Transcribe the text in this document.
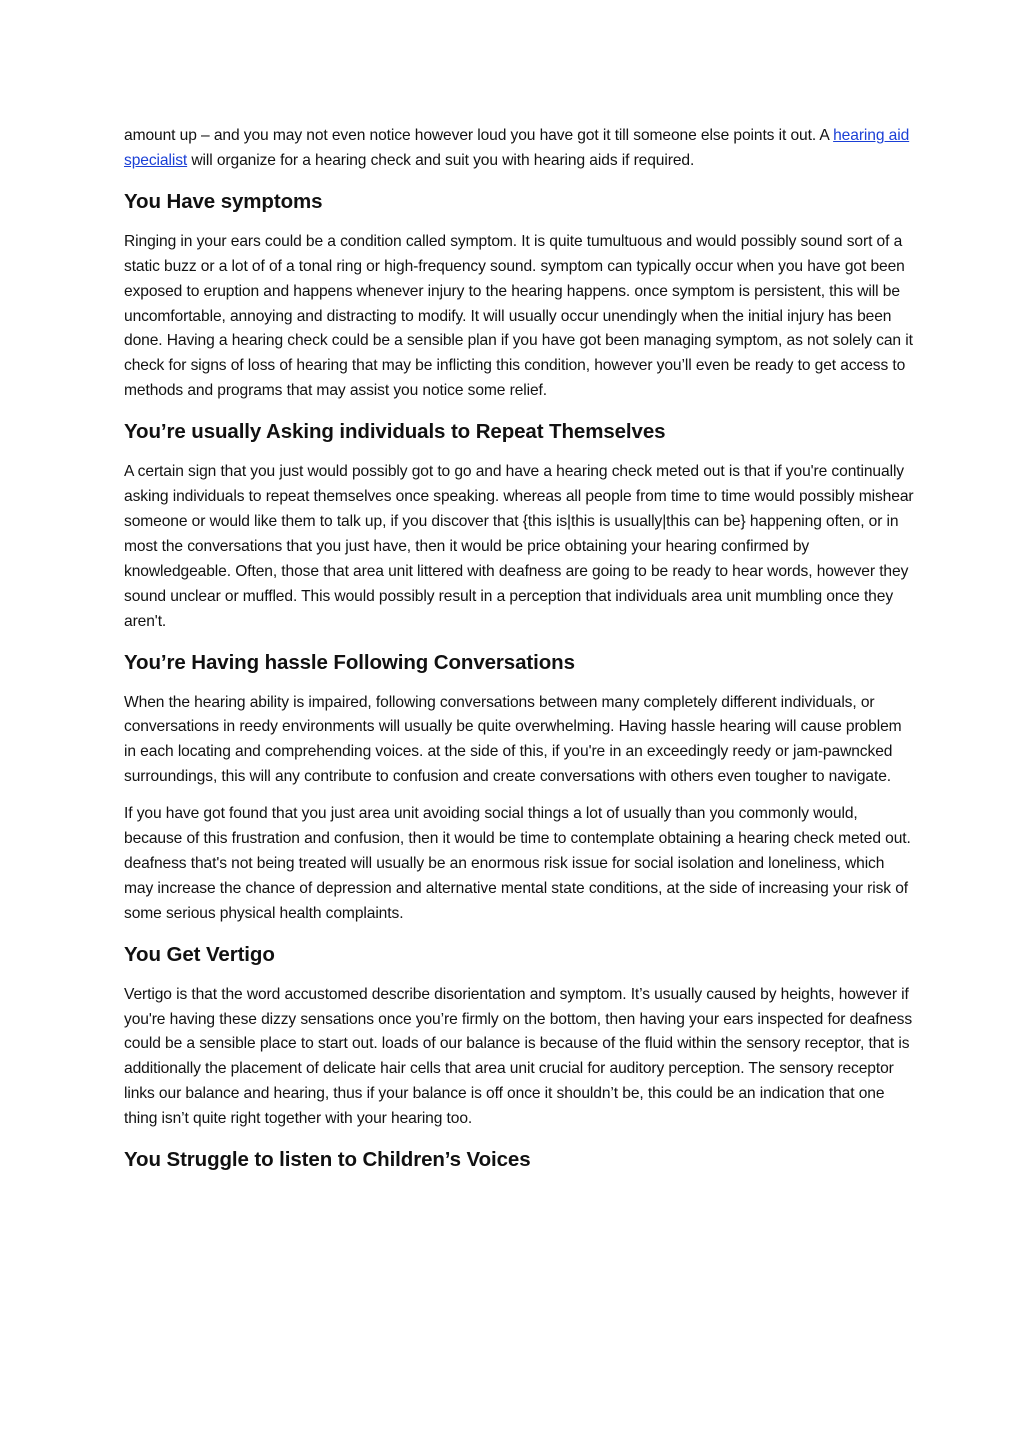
amount up – and you may not even notice however loud you have got it till someone else points it out. A hearing aid specialist will organize for a hearing check and suit you with hearing aids if required.

You Have symptoms

Ringing in your ears could be a condition called symptom. It is quite tumultuous and would possibly sound sort of a static buzz or a lot of of a tonal ring or high-frequency sound. symptom can typically occur when you have got been exposed to eruption and happens whenever injury to the hearing happens. once symptom is persistent, this will be uncomfortable, annoying and distracting to modify. It will usually occur unendingly when the initial injury has been done. Having a hearing check could be a sensible plan if you have got been managing symptom, as not solely can it check for signs of loss of hearing that may be inflicting this condition, however you’ll even be ready to get access to methods and programs that may assist you notice some relief.

You’re usually Asking individuals to Repeat Themselves

A certain sign that you just would possibly got to go and have a hearing check meted out is that if you're continually asking individuals to repeat themselves once speaking. whereas all people from time to time would possibly mishear someone or would like them to talk up, if you discover that {this is|this is usually|this can be} happening often, or in most the conversations that you just have, then it would be price obtaining your hearing confirmed by knowledgeable. Often, those that area unit littered with deafness are going to be ready to hear words, however they sound unclear or muffled. This would possibly result in a perception that individuals area unit mumbling once they aren't.

You’re Having hassle Following Conversations

When the hearing ability is impaired, following conversations between many completely different individuals, or conversations in reedy environments will usually be quite overwhelming. Having hassle hearing will cause problem in each locating and comprehending voices. at the side of this, if you're in an exceedingly reedy or jam-pawncked surroundings, this will any contribute to confusion and create conversations with others even tougher to navigate.

If you have got found that you just area unit avoiding social things a lot of usually than you commonly would, because of this frustration and confusion, then it would be time to contemplate obtaining a hearing check meted out. deafness that's not being treated will usually be an enormous risk issue for social isolation and loneliness, which may increase the chance of depression and alternative mental state conditions, at the side of increasing your risk of some serious physical health complaints.

You Get Vertigo

Vertigo is that the word accustomed describe disorientation and symptom. It’s usually caused by heights, however if you're having these dizzy sensations once you’re firmly on the bottom, then having your ears inspected for deafness could be a sensible place to start out. loads of our balance is because of the fluid within the sensory receptor, that is additionally the placement of delicate hair cells that area unit crucial for auditory perception. The sensory receptor links our balance and hearing, thus if your balance is off once it shouldn’t be, this could be an indication that one thing isn’t quite right together with your hearing too.

You Struggle to listen to Children’s Voices
